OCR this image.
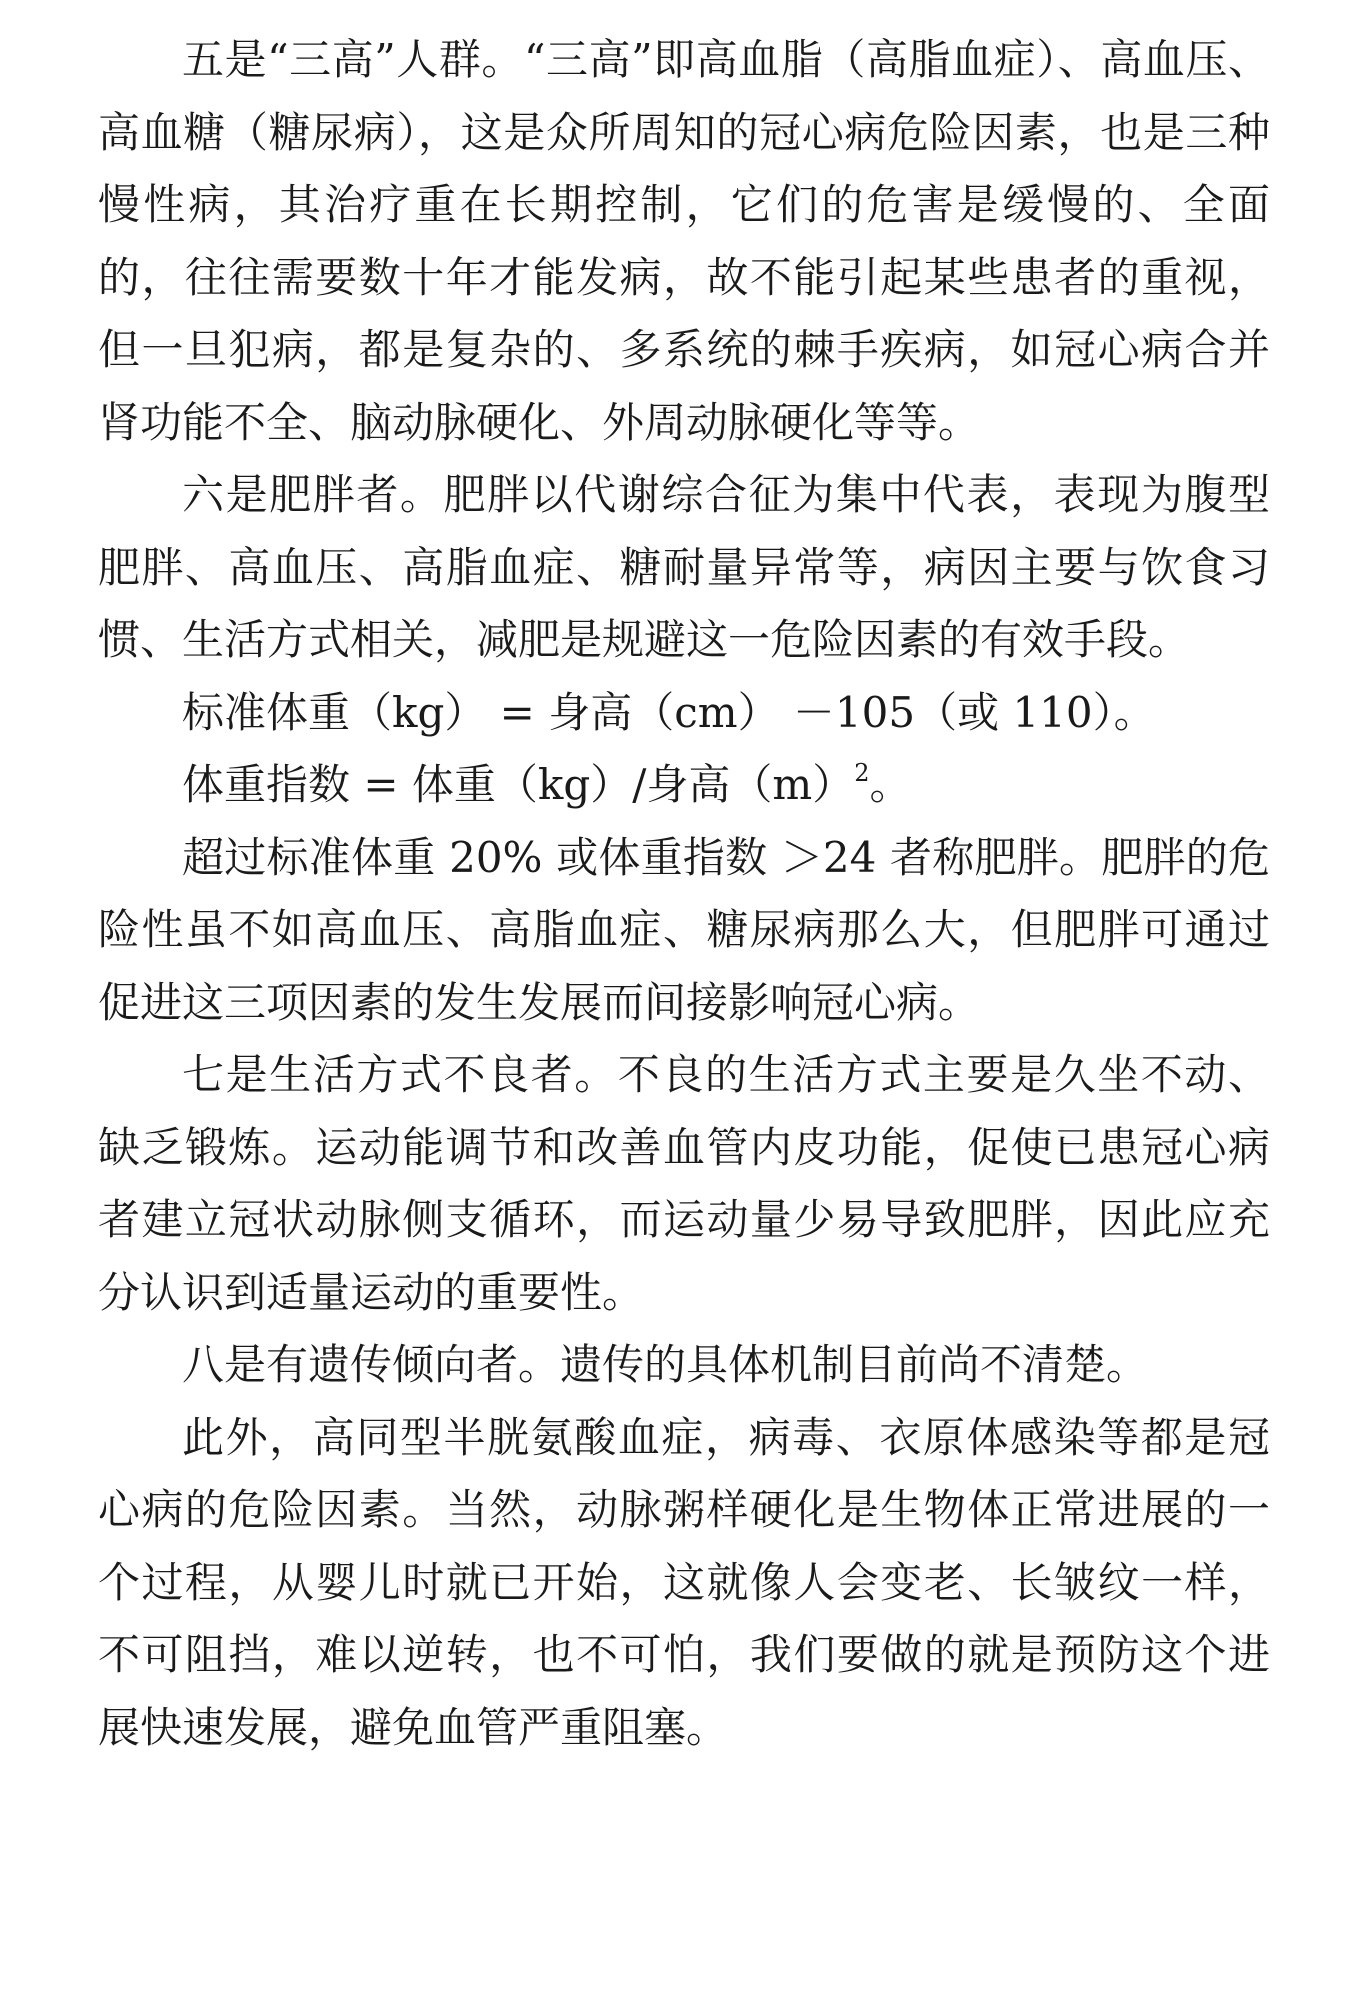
五是“三高”人群。“三高”即高血脂（高脂血症）、高血压、高血糖（糖尿病），这是众所周知的冠心病危险因素，也是三种慢性病，其治疗重在长期控制，它们的危害是缓慢的、全面的，往往需要数十年才能发病，故不能引起某些患者的重视，但一旦犯病，都是复杂的、多系统的棘手疾病，如冠心病合并肾功能不全、脑动脉硬化、外周动脉硬化等等。

六是肥胖者。肥胖以代谢综合征为集中代表，表现为腹型肥胖、高血压、高脂血症、糖耐量异常等，病因主要与饮食习惯、生活方式相关，减肥是规避这一危险因素的有效手段。

标准体重（kg） = 身高（cm） －105（或 110）。

体重指数 = 体重（kg）/身高$(m)^2$。

超过标准体重 20% 或体重指数 ＞24 者称肥胖。肥胖的危险性虽不如高血压、高脂血症、糖尿病那么大，但肥胖可通过促进这三项因素的发生发展而间接影响冠心病。

七是生活方式不良者。不良的生活方式主要是久坐不动、缺乏锻炼。运动能调节和改善血管内皮功能，促使已患冠心病者建立冠状动脉侧支循环，而运动量少易导致肥胖，因此应充分认识到适量运动的重要性。

八是有遗传倾向者。遗传的具体机制目前尚不清楚。

此外，高同型半胱氨酸血症，病毒、衣原体感染等都是冠心病的危险因素。当然，动脉粥样硬化是生物体正常进展的一个过程，从婴儿时就已开始，这就像人会变老、长皱纹一样，不可阻挡，难以逆转，也不可怕，我们要做的就是预防这个进展快速发展，避免血管严重阻塞。
